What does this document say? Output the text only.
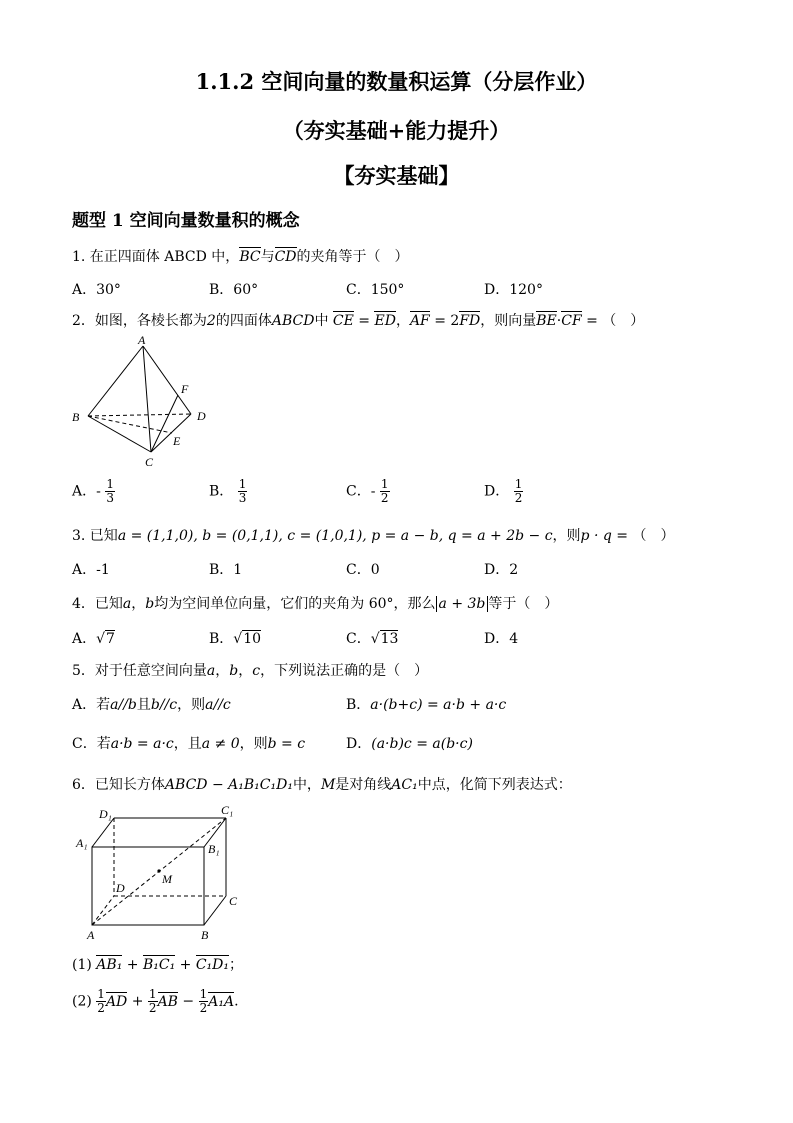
1.1.2 空间向量的数量积运算（分层作业）
（夯实基础+能力提升）
【夯实基础】
题型 1 空间向量数量积的概念
1. 在正四面体 ABCD 中，BC与CD的夹角等于（　）
A．30°	B．60°	C．150°	D．120°
2．如图，各棱长都为2的四面体ABCD中 CE = ED，AF = 2FD，则向量BE·CF = （　）
A
B
C
D
E
F
A．- $\frac{1}{3}$	B． $\frac{1}{3}$	C．- $\frac{1}{2}$	D． $\frac{1}{2}$
3. 已知a = (1,1,0), b = (0,1,1), c = (1,0,1), p = a − b, q = a + 2b − c，则p · q = （　）
A．-1	B．1	C．0	D．2
4．已知a，b均为空间单位向量，它们的夹角为 60°，那么 a + 3b 等于（　）
A．√7	B．√10	C．√13	D．4
5．对于任意空间向量a，b，c，下列说法正确的是（　）
A．若a//b且b//c，则a//c	B．a·(b+c) = a·b + a·c
C．若a·b = a·c，且a ≠ 0，则b = c	D．(a·b)c = a(b·c)
6．已知长方体ABCD − A₁B₁C₁D₁中，M是对角线AC₁中点，化简下列表达式：
D₁	C₁
A₁	B₁
D
M
C
A	B
(1) AB₁ + B₁C₁ + C₁D₁；
$(2) \frac{1}{2}$ AD + $\frac{1}{2}$ AB − $\frac{1}{2} A_1A$.
